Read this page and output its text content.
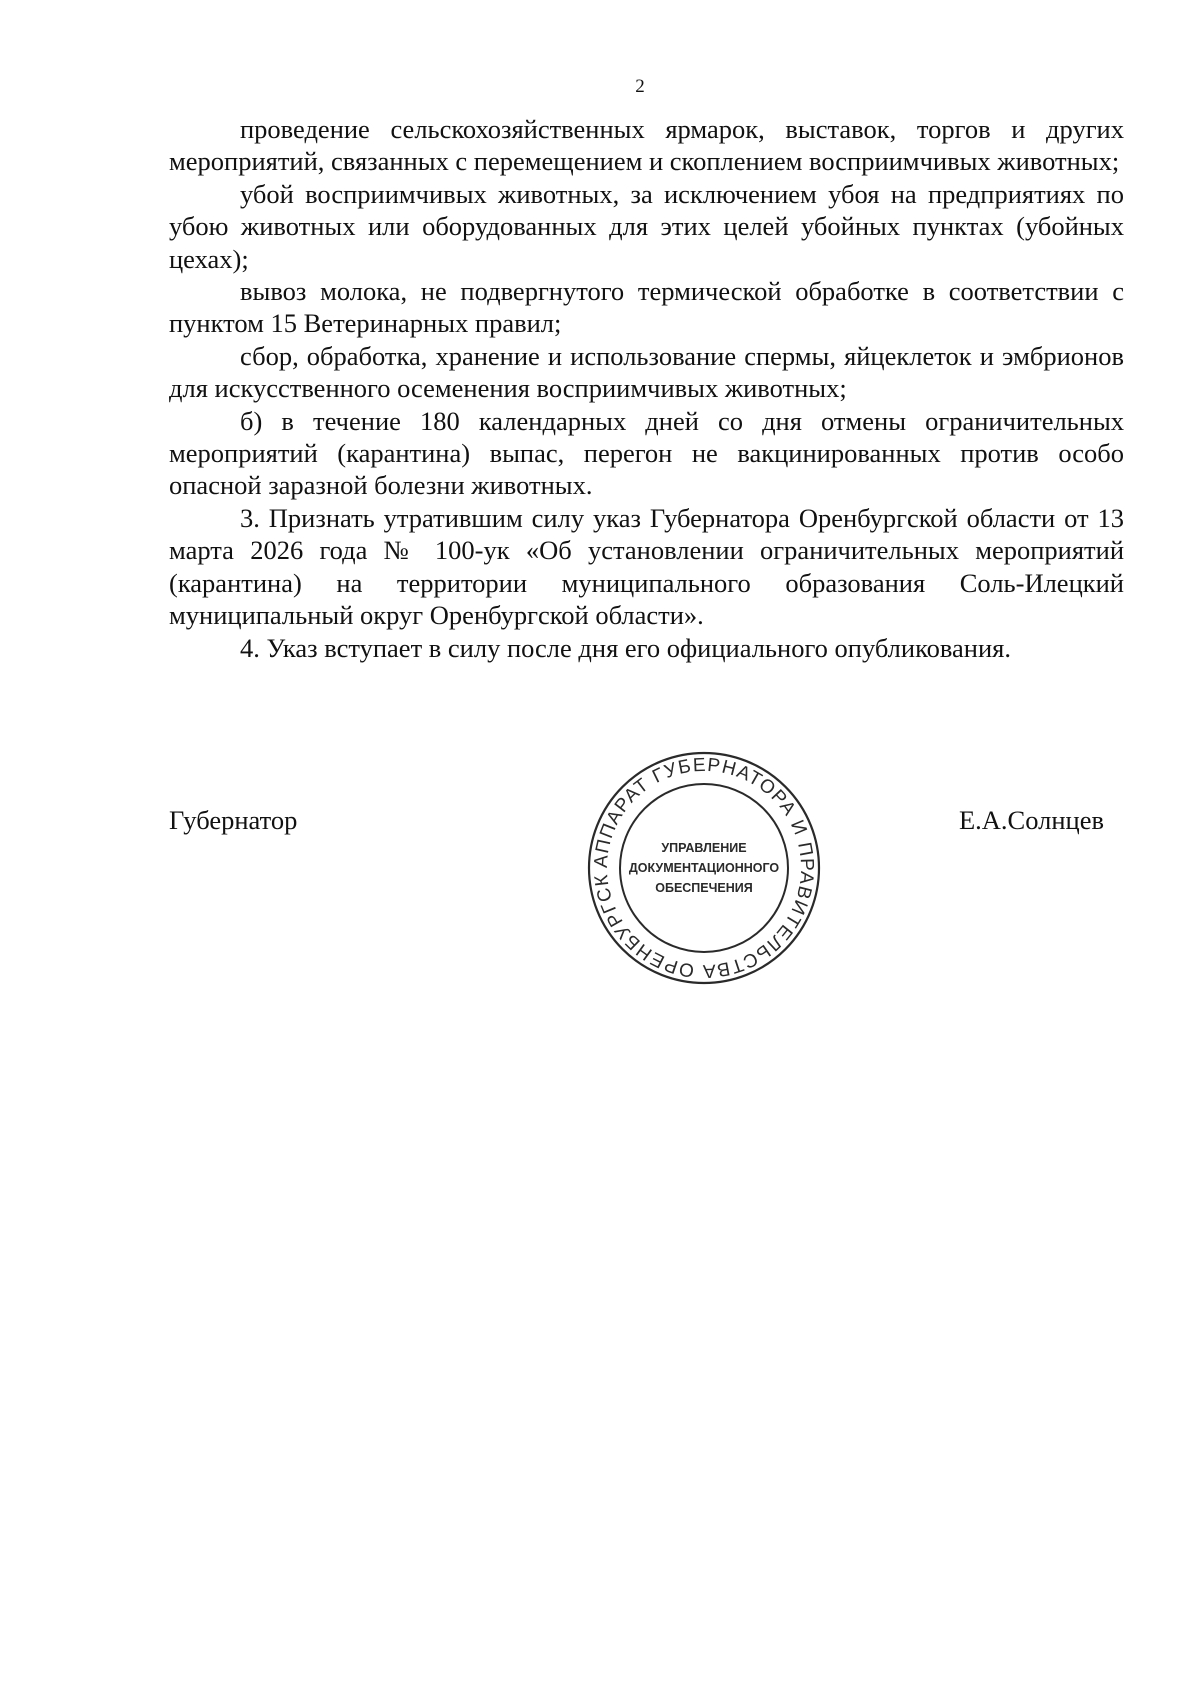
2

проведение сельскохозяйственных ярмарок, выставок, торгов и других мероприятий, связанных с перемещением и скоплением восприимчивых животных;

убой восприимчивых животных, за исключением убоя на предприятиях по убою животных или оборудованных для этих целей убойных пунктах (убойных цехах);

вывоз молока, не подвергнутого термической обработке в соответствии с пунктом 15 Ветеринарных правил;

сбор, обработка, хранение и использование спермы, яйцеклеток и эмбрионов для искусственного осеменения восприимчивых животных;

б) в течение 180 календарных дней со дня отмены ограничительных мероприятий (карантина) выпас, перегон не вакцинированных против особо опасной заразной болезни животных.

3. Признать утратившим силу указ Губернатора Оренбургской области от 13 марта 2026 года № 100-ук «Об установлении ограничительных мероприятий (карантина) на территории муниципального образования Соль-Илецкий муниципальный округ Оренбургской области».

4. Указ вступает в силу после дня его официального опубликования.

Губернатор	Е.А.Солнцев
АППАРАТ ГУБЕРНАТОРА И ПРАВИТЕЛЬСТВА ОРЕНБУРГСК
УПРАВЛЕНИЕ
ДОКУМЕНТАЦИОННОГО
ОБЕСПЕЧЕНИЯ
